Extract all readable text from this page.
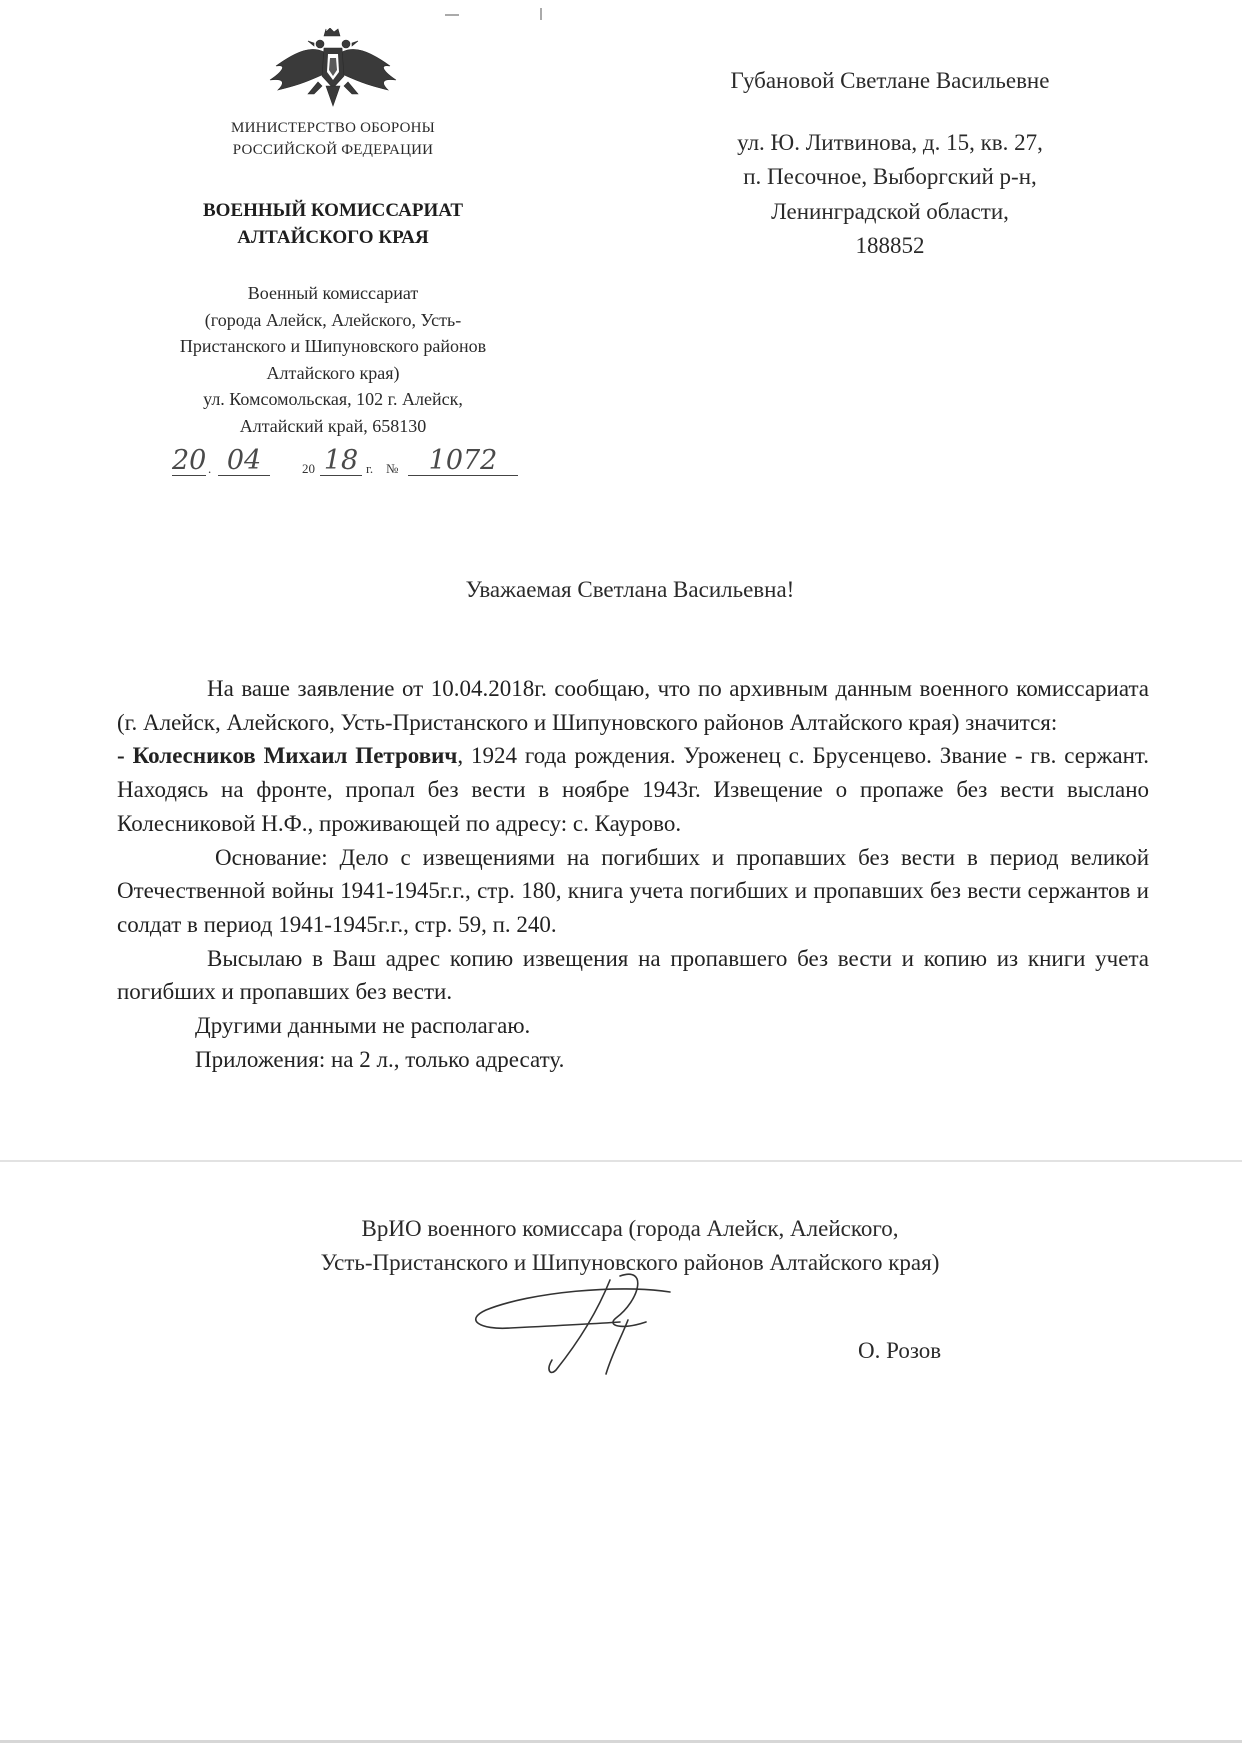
МИНИСТЕРСТВО ОБОРОНЫ
РОССИЙСКОЙ ФЕДЕРАЦИИ
ВОЕННЫЙ КОМИССАРИАТ
АЛТАЙСКОГО КРАЯ
Военный комиссариат
(города Алейск, Алейского, Усть-
Пристанского и Шипуновского районов
Алтайского края)
ул. Комсомольская, 102 г. Алейск,
Алтайский край, 658130
20 . 04	20 18 г. №	1072
Губановой Светлане Васильевне
ул. Ю. Литвинова, д. 15, кв. 27,
п. Песочное, Выборгский р-н,
Ленинградской области,
188852
Уважаемая Светлана Васильевна!

На ваше заявление от 10.04.2018г. сообщаю, что по архивным данным военного комиссариата (г. Алейск, Алейского, Усть-Пристанского и Шипуновского районов Алтайского края) значится:

- Колесников Михаил Петрович, 1924 года рождения. Уроженец с. Брусенцево. Звание - гв. сержант. Находясь на фронте, пропал без вести в ноябре 1943г. Извещение о пропаже без вести выслано Колесниковой Н.Ф., проживающей по адресу: с. Каурово.

Основание: Дело с извещениями на погибших и пропавших без вести в период великой Отечественной войны 1941-1945г.г., стр. 180, книга учета погибших и пропавших без вести сержантов и солдат в период 1941-1945г.г., стр. 59, п. 240.

Высылаю в Ваш адрес копию извещения на пропавшего без вести и копию из книги учета погибших и пропавших без вести.

Другими данными не располагаю.

Приложения: на 2 л., только адресату.

ВрИО военного комиссара (города Алейск, Алейского,
Усть-Пристанского и Шипуновского районов Алтайского края)
О. Розов
